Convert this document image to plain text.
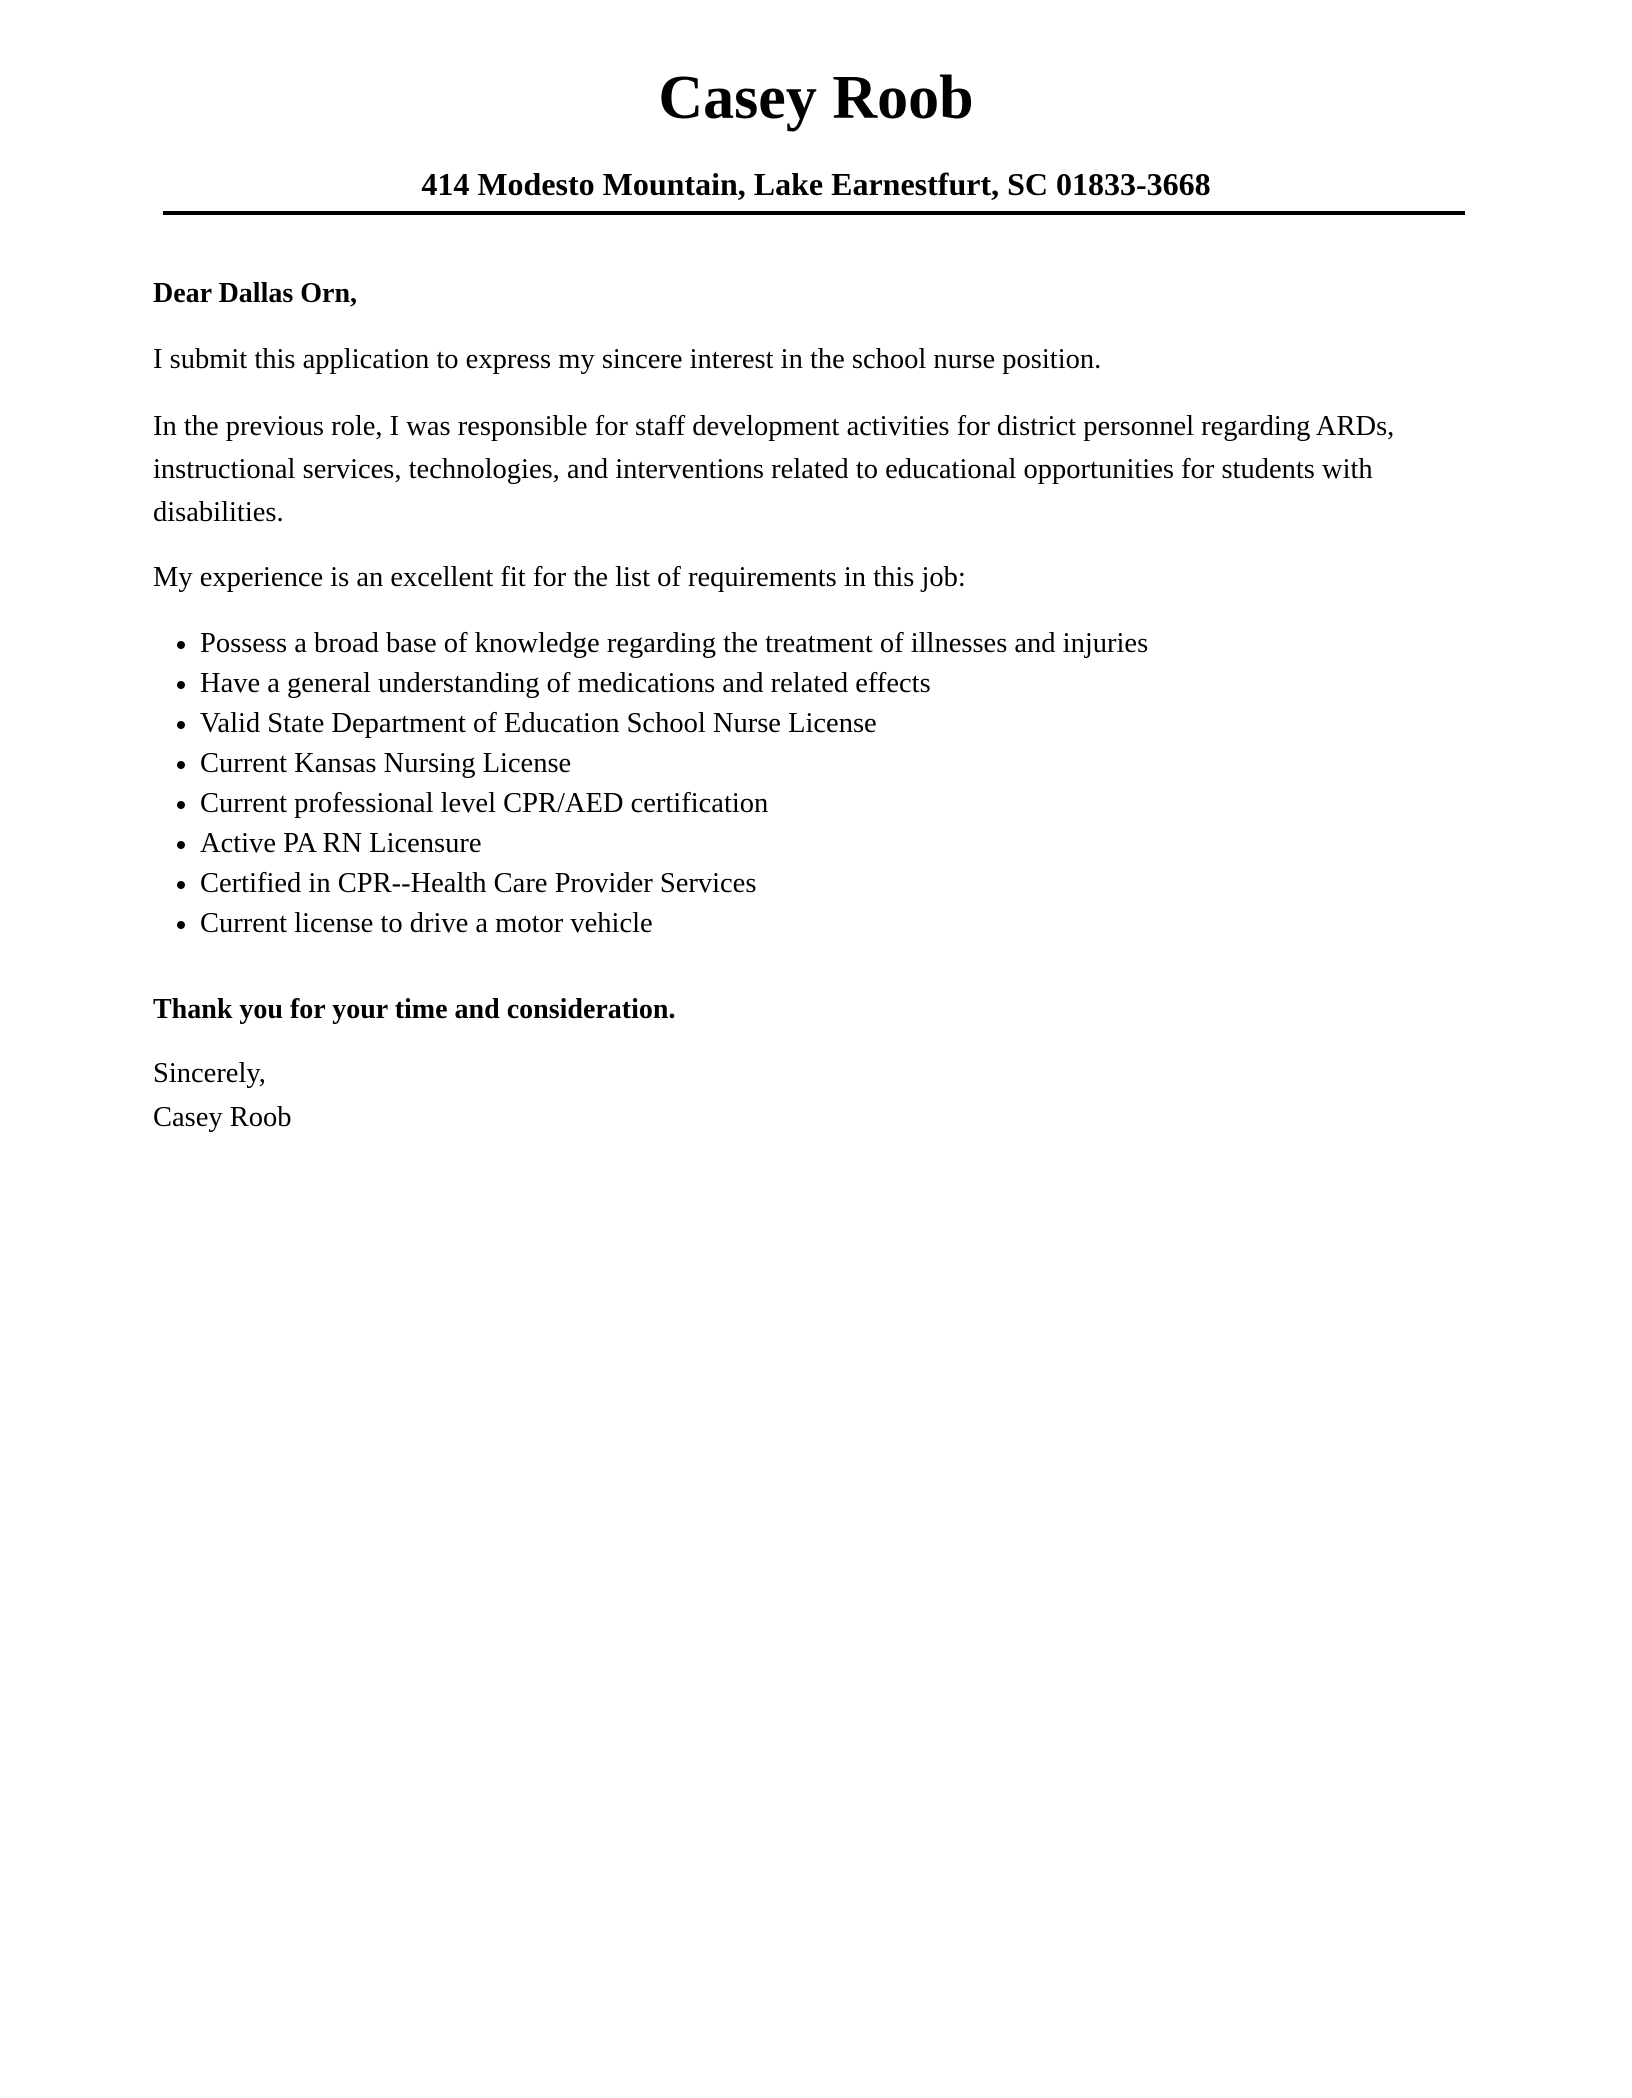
Casey Roob
414 Modesto Mountain, Lake Earnestfurt, SC 01833-3668
Dear Dallas Orn,
I submit this application to express my sincere interest in the school nurse position.
In the previous role, I was responsible for staff development activities for district personnel regarding ARDs, instructional services, technologies, and interventions related to educational opportunities for students with disabilities.
My experience is an excellent fit for the list of requirements in this job:
Possess a broad base of knowledge regarding the treatment of illnesses and injuries
Have a general understanding of medications and related effects
Valid State Department of Education School Nurse License
Current Kansas Nursing License
Current professional level CPR/AED certification
Active PA RN Licensure
Certified in CPR--Health Care Provider Services
Current license to drive a motor vehicle
Thank you for your time and consideration.
Sincerely,
Casey Roob
